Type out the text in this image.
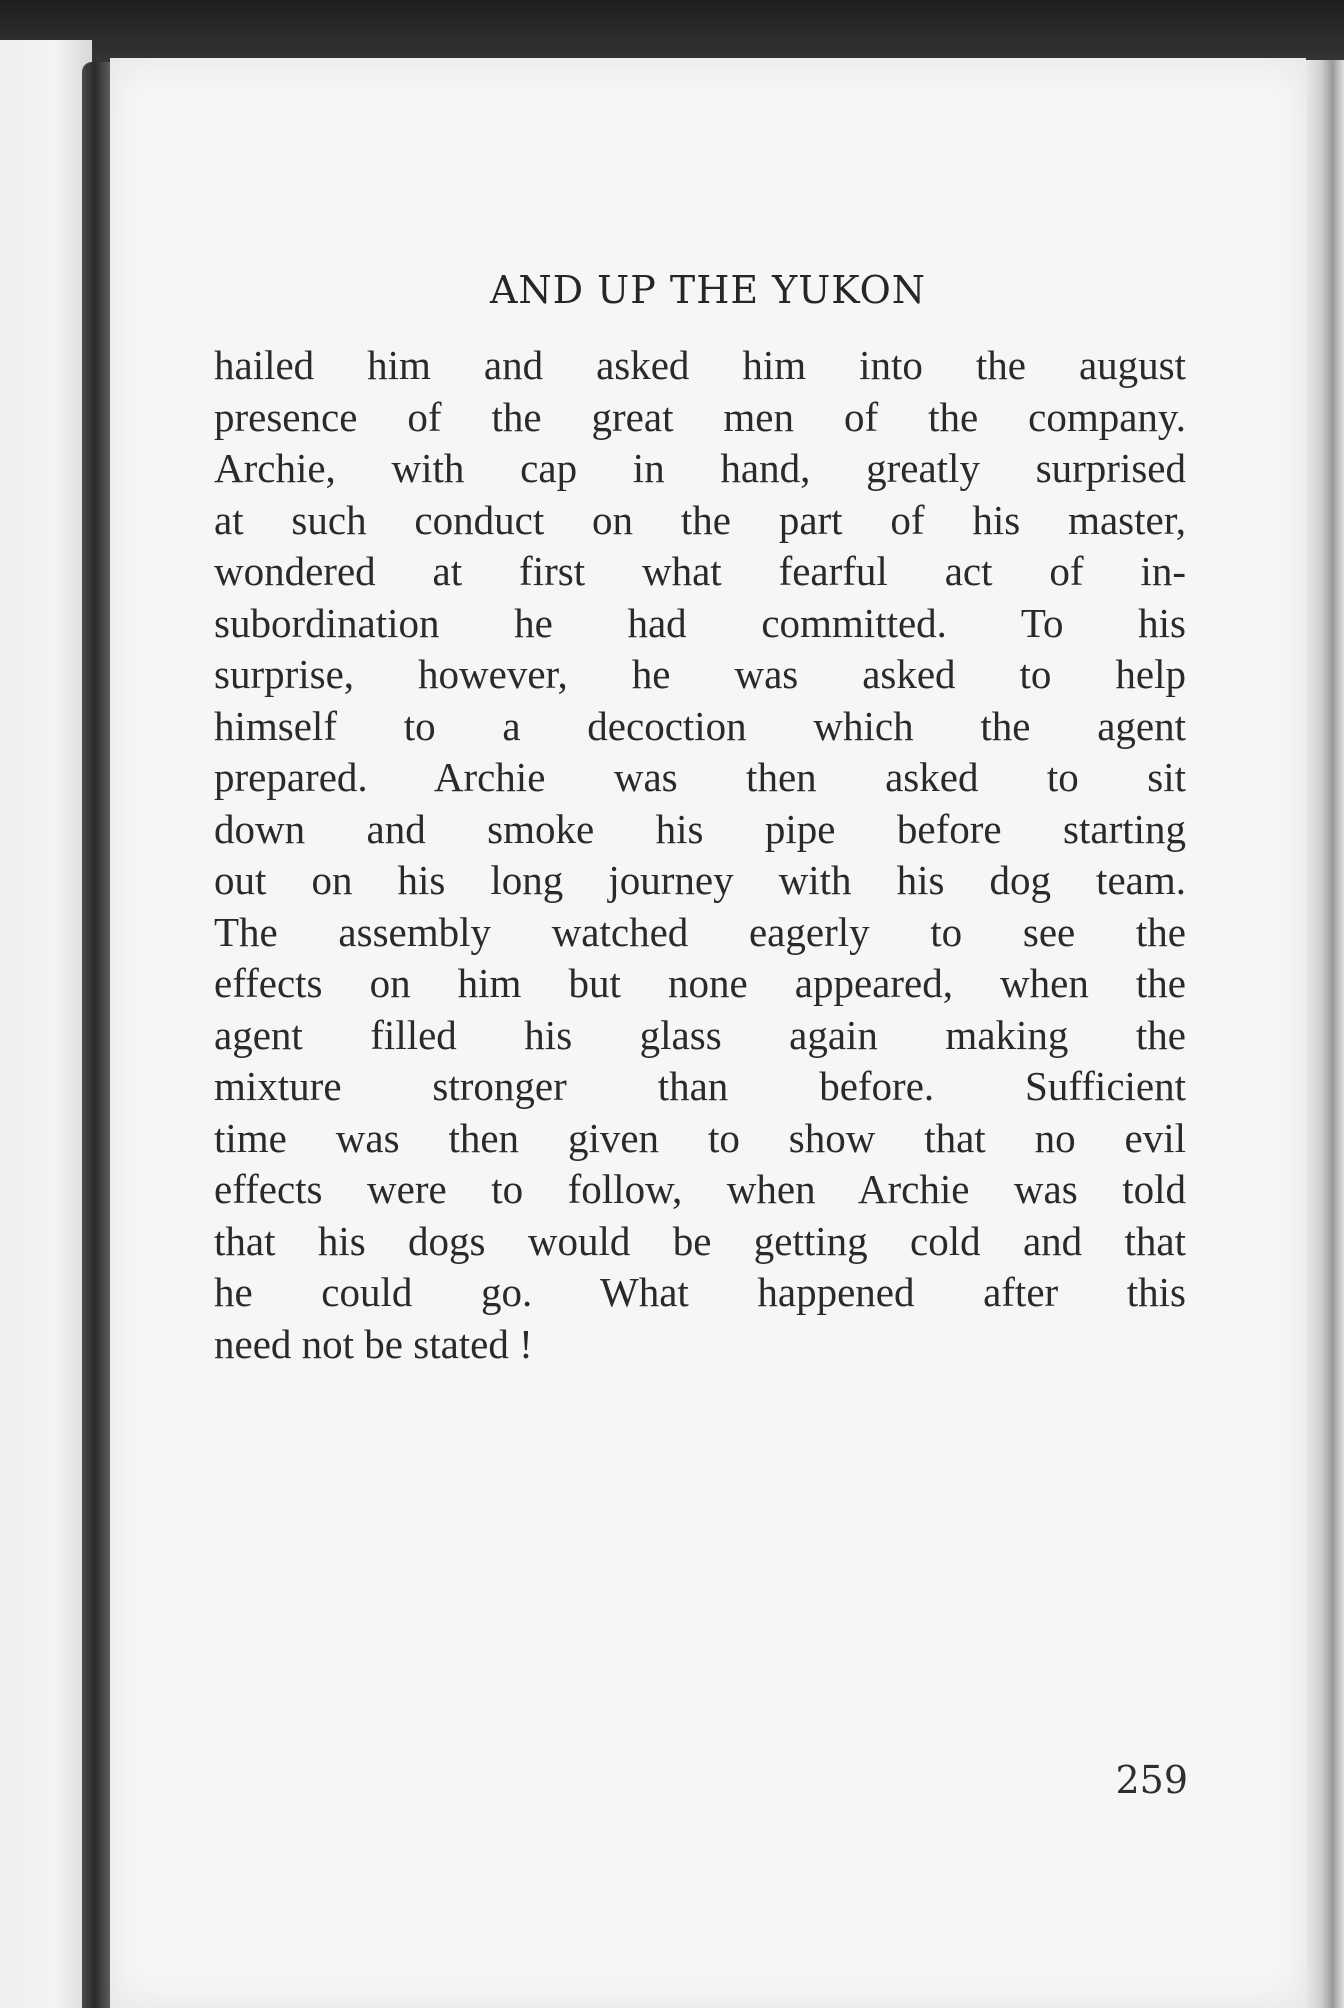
AND UP THE YUKON
hailed him and asked him into the august
presence of the great men of the company.
Archie, with cap in hand, greatly surprised
at such conduct on the part of his master,
wondered at first what fearful act of in-
subordination he had committed. To his
surprise, however, he was asked to help
himself to a decoction which the agent
prepared. Archie was then asked to sit
down and smoke his pipe before starting
out on his long journey with his dog team.
The assembly watched eagerly to see the
effects on him but none appeared, when the
agent filled his glass again making the
mixture stronger than before. Sufficient
time was then given to show that no evil
effects were to follow, when Archie was told
that his dogs would be getting cold and that
he could go. What happened after this
need not be stated !
259
